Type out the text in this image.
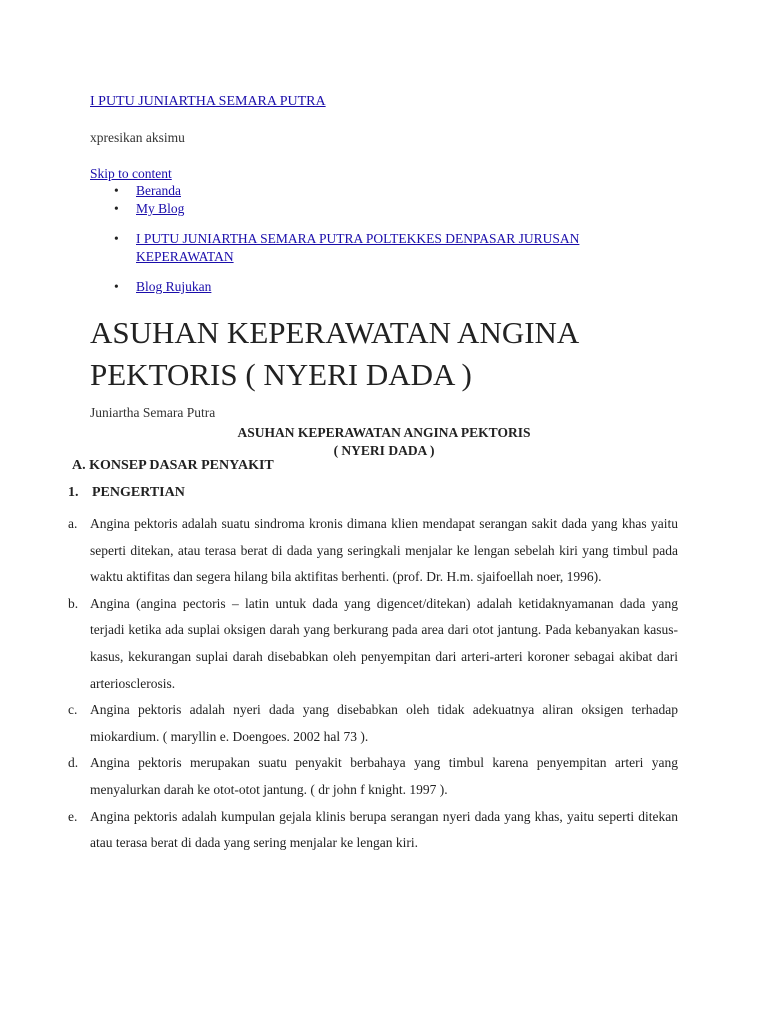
I PUTU JUNIARTHA SEMARA PUTRA
xpresikan aksimu
Skip to content
• Beranda
• My Blog
• I PUTU JUNIARTHA SEMARA PUTRA POLTEKKES DENPASAR JURUSAN KEPERAWATAN
• Blog Rujukan
ASUHAN KEPERAWATAN ANGINA PEKTORIS ( NYERI DADA )
Juniartha Semara Putra
ASUHAN KEPERAWATAN ANGINA PEKTORIS
( NYERI DADA )
A. KONSEP DASAR PENYAKIT
1. PENGERTIAN
a. Angina pektoris adalah suatu sindroma kronis dimana klien mendapat serangan sakit dada yang khas yaitu seperti ditekan, atau terasa berat di dada yang seringkali menjalar ke lengan sebelah kiri yang timbul pada waktu aktifitas dan segera hilang bila aktifitas berhenti. (prof. Dr. H.m. sjaifoellah noer, 1996).
b. Angina (angina pectoris – latin untuk dada yang digencet/ditekan) adalah ketidaknyamanan dada yang terjadi ketika ada suplai oksigen darah yang berkurang pada area dari otot jantung. Pada kebanyakan kasus-kasus, kekurangan suplai darah disebabkan oleh penyempitan dari arteri-arteri koroner sebagai akibat dari arteriosclerosis.
c. Angina pektoris adalah nyeri dada yang disebabkan oleh tidak adekuatnya aliran oksigen terhadap miokardium. ( maryllin e. Doengoes. 2002 hal 73 ).
d. Angina pektoris merupakan suatu penyakit berbahaya yang timbul karena penyempitan arteri yang menyalurkan darah ke otot-otot jantung. ( dr john f knight. 1997 ).
e. Angina pektoris adalah kumpulan gejala klinis berupa serangan nyeri dada yang khas, yaitu seperti ditekan atau terasa berat di dada yang sering menjalar ke lengan kiri.
